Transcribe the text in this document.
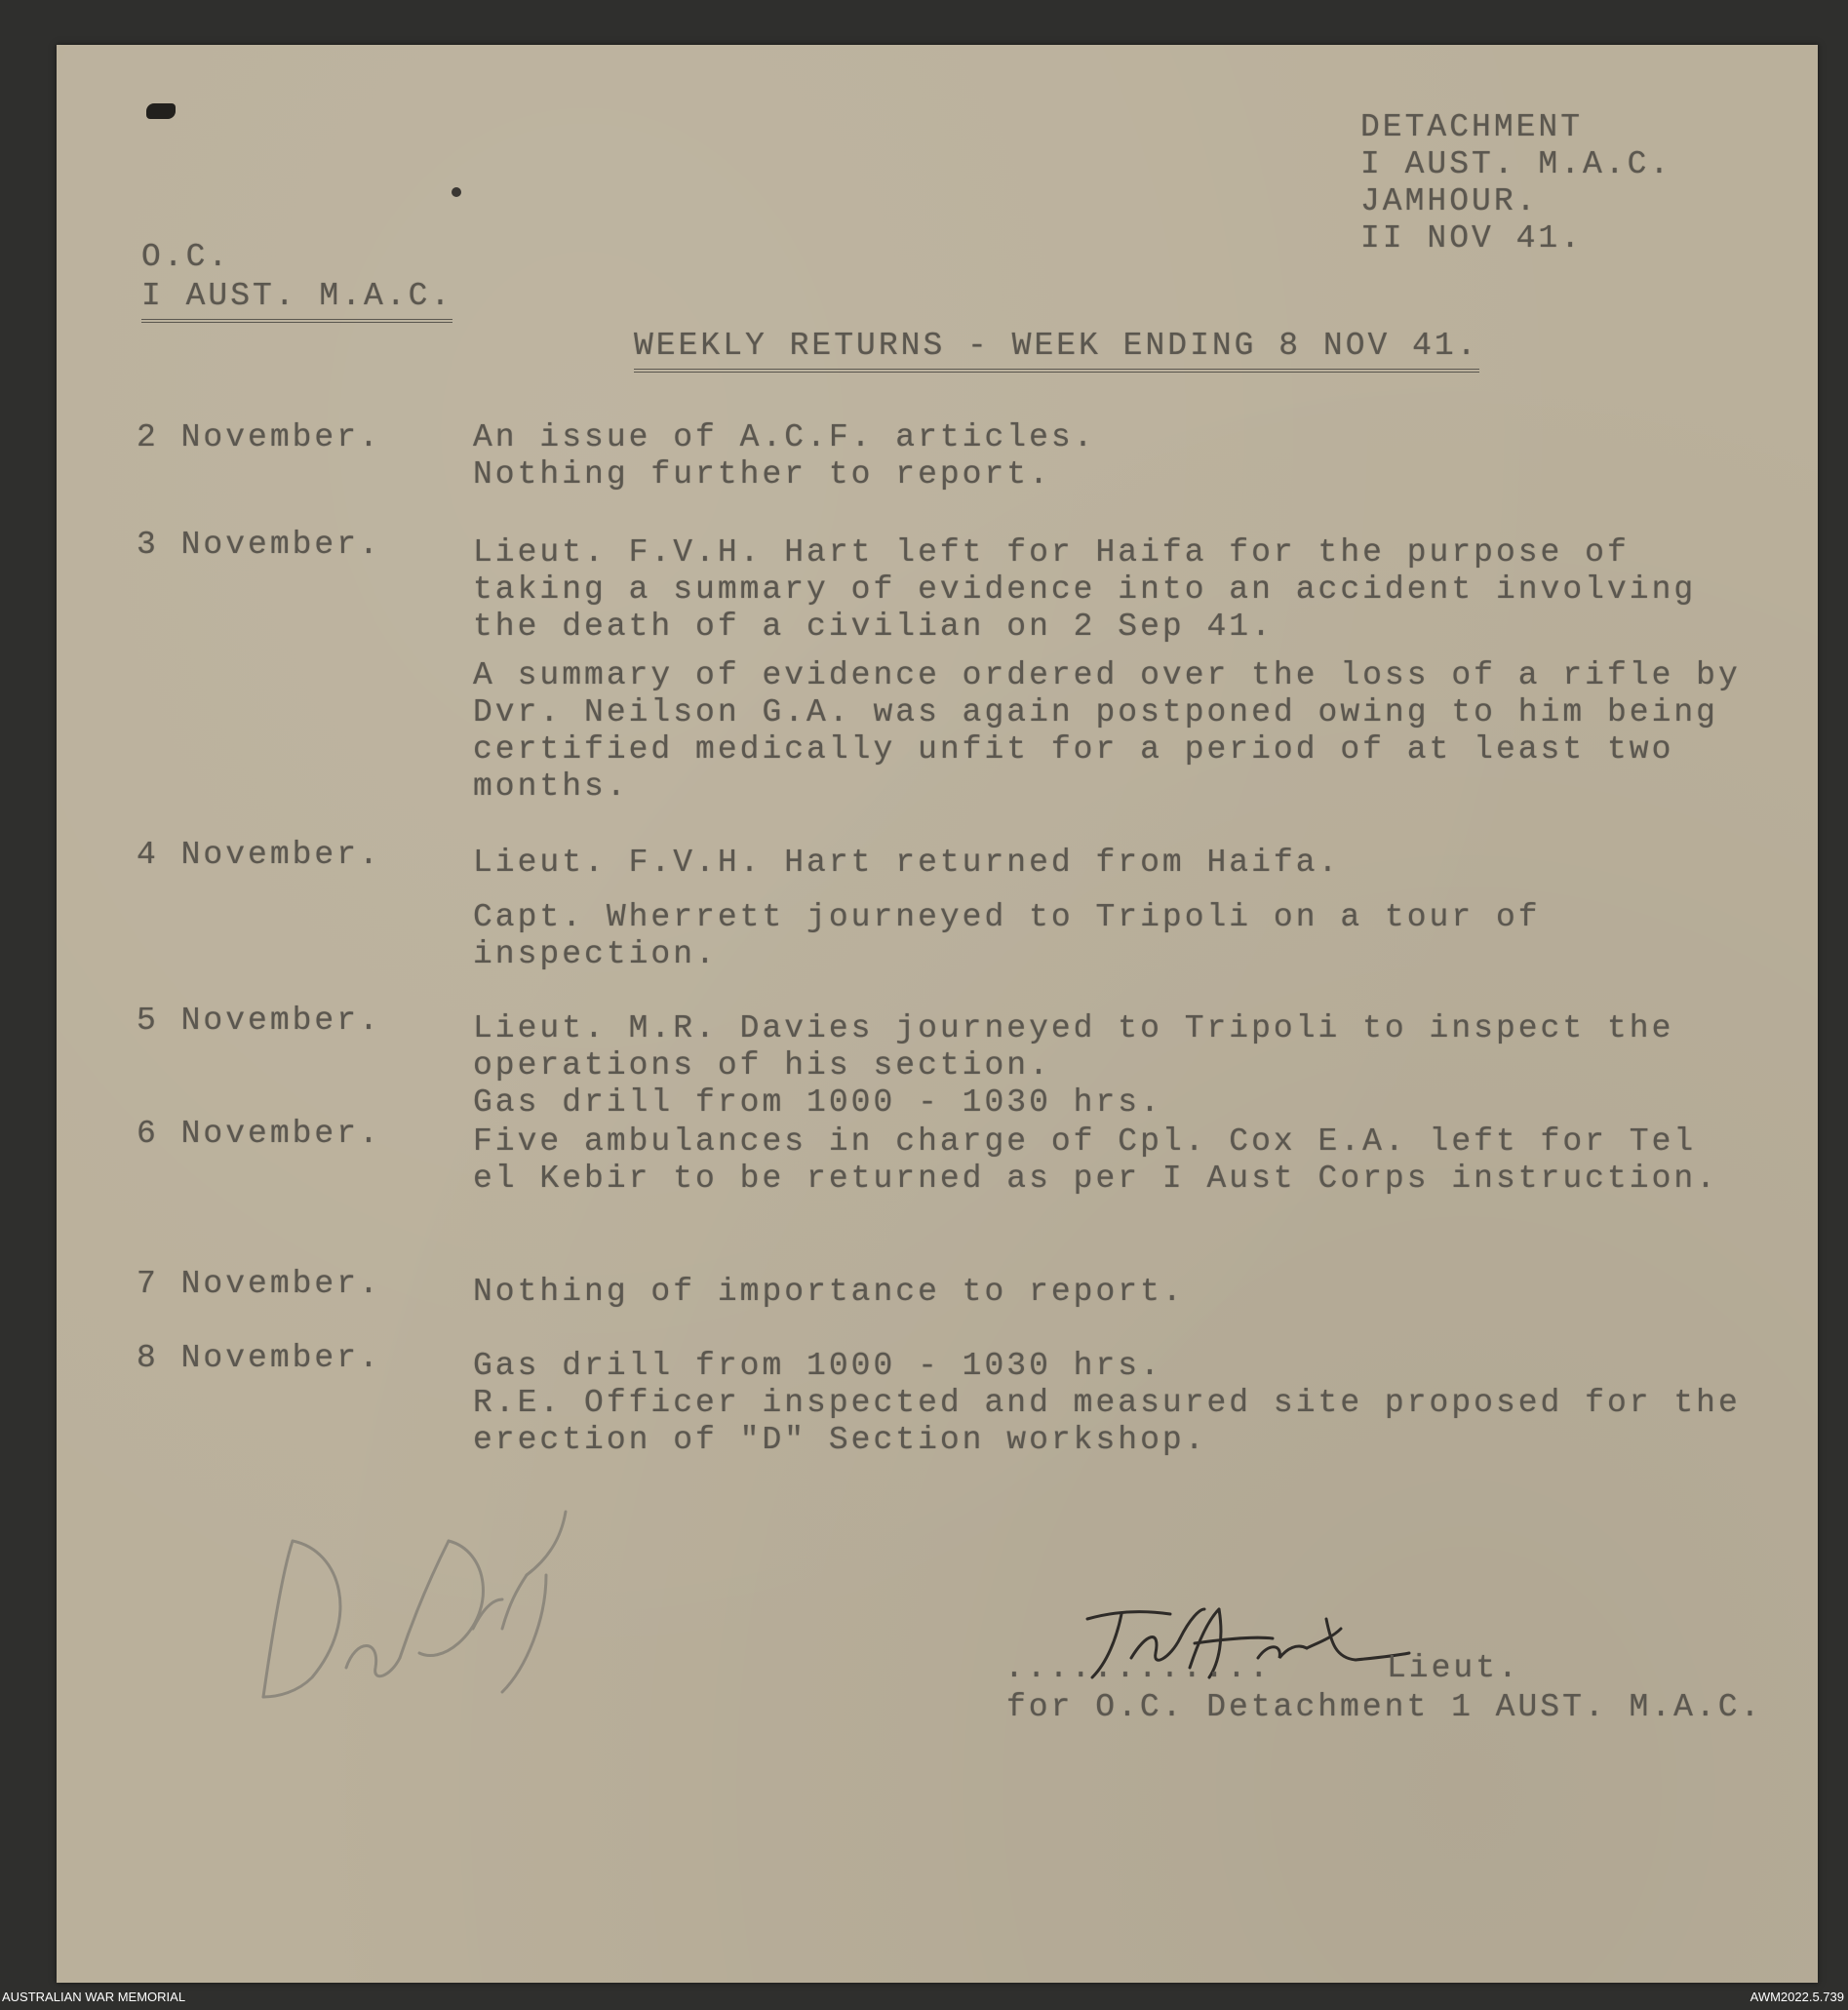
DETACHMENT
I AUST. M.A.C.
JAMHOUR.
II NOV 41.
O.C.
I AUST. M.A.C.
WEEKLY RETURNS - WEEK ENDING 8 NOV 41.
2 November.	An issue of A.C.F. articles.
Nothing further to report.
3 November.	Lieut. F.V.H. Hart left for Haifa for the purpose of taking a summary of evidence into an accident involving the death of a civilian on 2 Sep 41.
A summary of evidence ordered over the loss of a rifle by Dvr. Neilson G.A. was again postponed owing to him being certified medically unfit for a period of at least two months.
4 November.	Lieut. F.V.H. Hart returned from Haifa.
Capt. Wherrett journeyed to Tripoli on a tour of inspection.
5 November.	Lieut. M.R. Davies journeyed to Tripoli to inspect the operations of his section.
Gas drill from 1000 - 1030 hrs.
6 November.	Five ambulances in charge of Cpl. Cox E.A. left for Tel el Kebir to be returned as per I Aust Corps instruction.
7 November.	Nothing of importance to report.
8 November.	Gas drill from 1000 - 1030 hrs.
R.E. Officer inspected and measured site proposed for the erection of "D" Section workshop.
............	Lieut.
for O.C. Detachment 1 AUST. M.A.C.
AUSTRALIAN WAR MEMORIAL	AWM2022.5.739
